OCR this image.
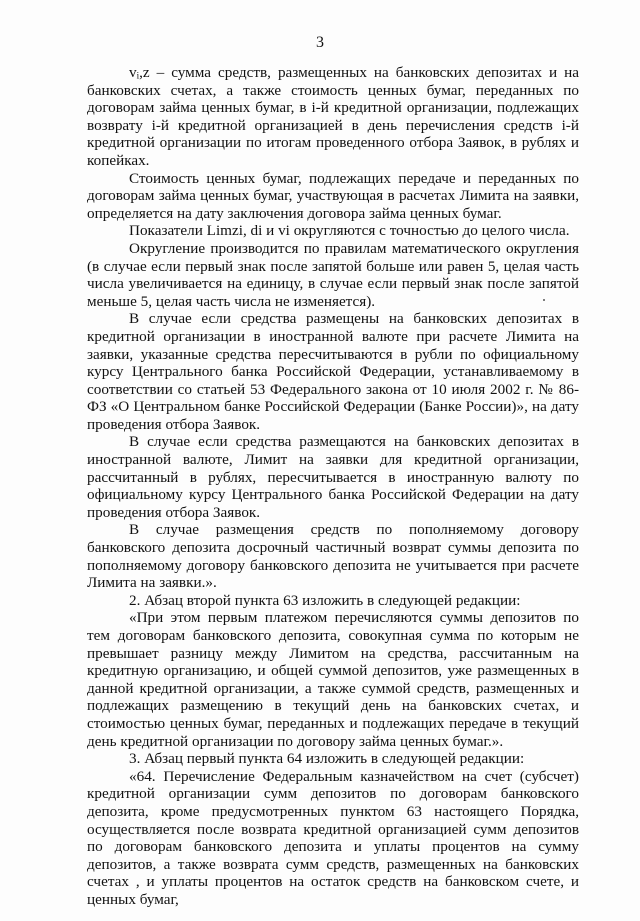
3

vᵢ,z – сумма средств, размещенных на банковских депозитах и на банковских счетах, а также стоимость ценных бумаг, переданных по договорам займа ценных бумаг, в i-й кредитной организации, подлежащих возврату i-й кредитной организацией в день перечисления средств i-й кредитной организации по итогам проведенного отбора Заявок, в рублях и копейках.

Стоимость ценных бумаг, подлежащих передаче и переданных по договорам займа ценных бумаг, участвующая в расчетах Лимита на заявки, определяется на дату заключения договора займа ценных бумаг.

Показатели Limzi, di и vi округляются с точностью до целого числа.

Округление производится по правилам математического округления (в случае если первый знак после запятой больше или равен 5, целая часть числа увеличивается на единицу, в случае если первый знак после запятой меньше 5, целая часть числа не изменяется).

В случае если средства размещены на банковских депозитах в кредитной организации в иностранной валюте при расчете Лимита на заявки, указанные средства пересчитываются в рубли по официальному курсу Центрального банка Российской Федерации, устанавливаемому в соответствии со статьей 53 Федерального закона от 10 июля 2002 г. № 86-ФЗ «О Центральном банке Российской Федерации (Банке России)», на дату проведения отбора Заявок.

В случае если средства размещаются на банковских депозитах в иностранной валюте, Лимит на заявки для кредитной организации, рассчитанный в рублях, пересчитывается в иностранную валюту по официальному курсу Центрального банка Российской Федерации на дату проведения отбора Заявок.

В случае размещения средств по пополняемому договору банковского депозита досрочный частичный возврат суммы депозита по пополняемому договору банковского депозита не учитывается при расчете Лимита на заявки.».

2. Абзац второй пункта 63 изложить в следующей редакции:

«При этом первым платежом перечисляются суммы депозитов по тем договорам банковского депозита, совокупная сумма по которым не превышает разницу между Лимитом на средства, рассчитанным на кредитную организацию, и общей суммой депозитов, уже размещенных в данной кредитной организации, а также суммой средств, размещенных и подлежащих размещению в текущий день на банковских счетах, и стоимостью ценных бумаг, переданных и подлежащих передаче в текущий день кредитной организации по договору займа ценных бумаг.».

3. Абзац первый пункта 64 изложить в следующей редакции:

«64. Перечисление Федеральным казначейством на счет (субсчет) кредитной организации сумм депозитов по договорам банковского депозита, кроме предусмотренных пунктом 63 настоящего Порядка, осуществляется после возврата кредитной организацией сумм депозитов по договорам банковского депозита и уплаты процентов на сумму депозитов, а также возврата сумм средств, размещенных на банковских счетах , и уплаты процентов на остаток средств на банковском счете, и ценных бумаг,
